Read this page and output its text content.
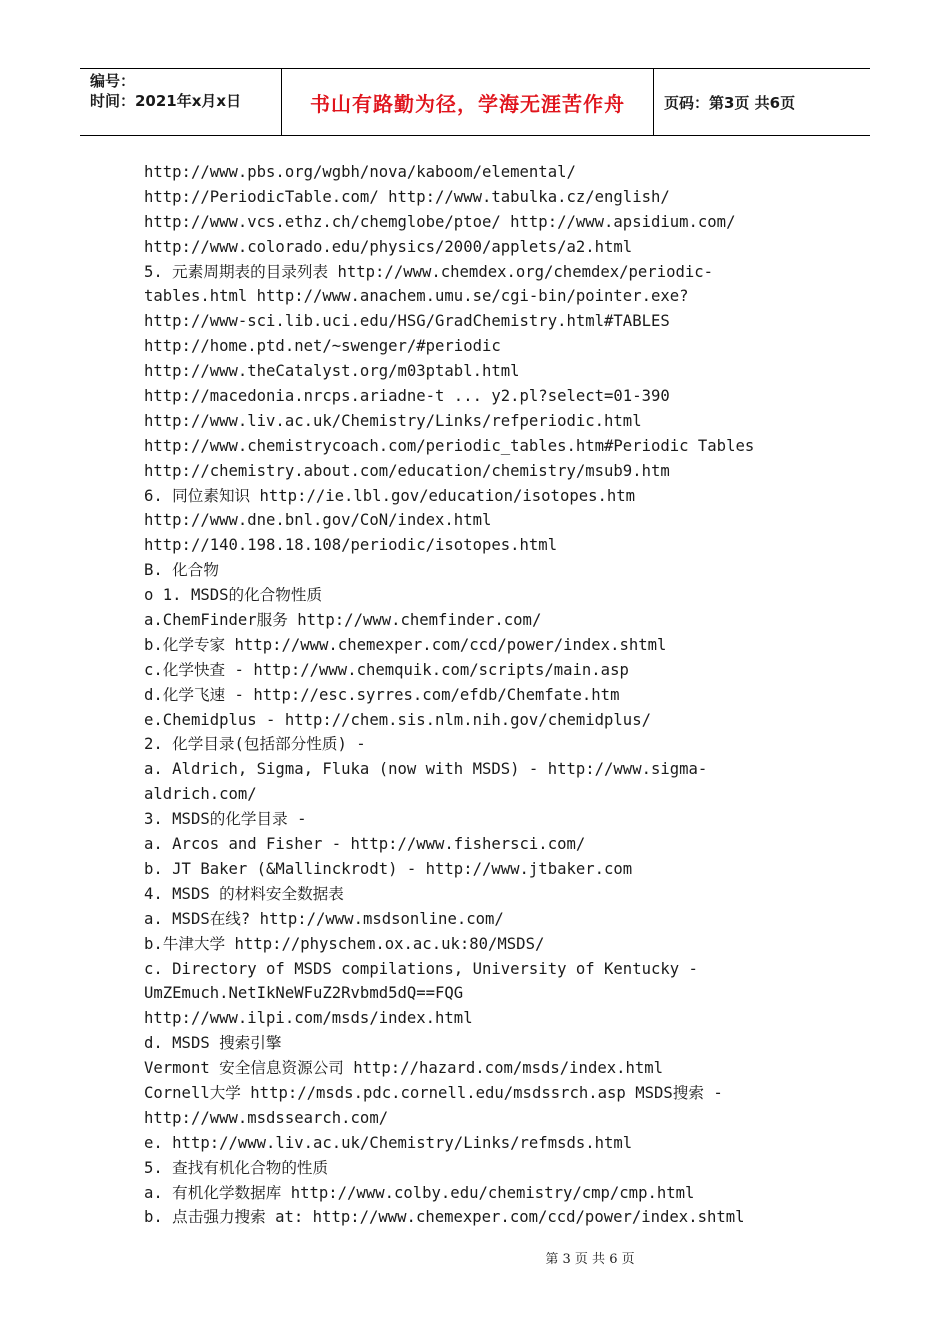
编号：
时间：2021年x月x日	书山有路勤为径，学海无涯苦作舟	页码：第3页 共6页
http://www.pbs.org/wgbh/nova/kaboom/elemental/
http://PeriodicTable.com/ http://www.tabulka.cz/english/
http://www.vcs.ethz.ch/chemglobe/ptoe/ http://www.apsidium.com/
http://www.colorado.edu/physics/2000/applets/a2.html
5. 元素周期表的目录列表 http://www.chemdex.org/chemdex/periodic-
tables.html http://www.anachem.umu.se/cgi-bin/pointer.exe?
http://www-sci.lib.uci.edu/HSG/GradChemistry.html#TABLES
http://home.ptd.net/~swenger/#periodic
http://www.theCatalyst.org/m03ptabl.html
http://macedonia.nrcps.ariadne-t ... y2.pl?select=01-390
http://www.liv.ac.uk/Chemistry/Links/refperiodic.html
http://www.chemistrycoach.com/periodic_tables.htm#Periodic Tables
http://chemistry.about.com/education/chemistry/msub9.htm
6. 同位素知识 http://ie.lbl.gov/education/isotopes.htm
http://www.dne.bnl.gov/CoN/index.html
http://140.198.18.108/periodic/isotopes.html
B. 化合物
o 1. MSDS的化合物性质
a.ChemFinder服务 http://www.chemfinder.com/
b.化学专家 http://www.chemexper.com/ccd/power/index.shtml
c.化学快查 - http://www.chemquik.com/scripts/main.asp
d.化学飞速 - http://esc.syrres.com/efdb/Chemfate.htm
e.Chemidplus - http://chem.sis.nlm.nih.gov/chemidplus/
2. 化学目录(包括部分性质) -
a. Aldrich, Sigma, Fluka (now with MSDS) - http://www.sigma-
aldrich.com/
3. MSDS的化学目录 -
a. Arcos and Fisher - http://www.fishersci.com/
b. JT Baker (&Mallinckrodt) - http://www.jtbaker.com
4. MSDS 的材料安全数据表
a. MSDS在线? http://www.msdsonline.com/
b.牛津大学 http://physchem.ox.ac.uk:80/MSDS/
c. Directory of MSDS compilations, University of Kentucky -
UmZEmuch.NetIkNeWFuZ2Rvbmd5dQ==FQG
http://www.ilpi.com/msds/index.html
d. MSDS 搜索引擎
Vermont 安全信息资源公司 http://hazard.com/msds/index.html
Cornell大学 http://msds.pdc.cornell.edu/msdssrch.asp MSDS搜索 -
http://www.msdssearch.com/
e. http://www.liv.ac.uk/Chemistry/Links/refmsds.html
5. 查找有机化合物的性质
a. 有机化学数据库 http://www.colby.edu/chemistry/cmp/cmp.html
b. 点击强力搜索 at: http://www.chemexper.com/ccd/power/index.shtml
第 3 页 共 6 页
